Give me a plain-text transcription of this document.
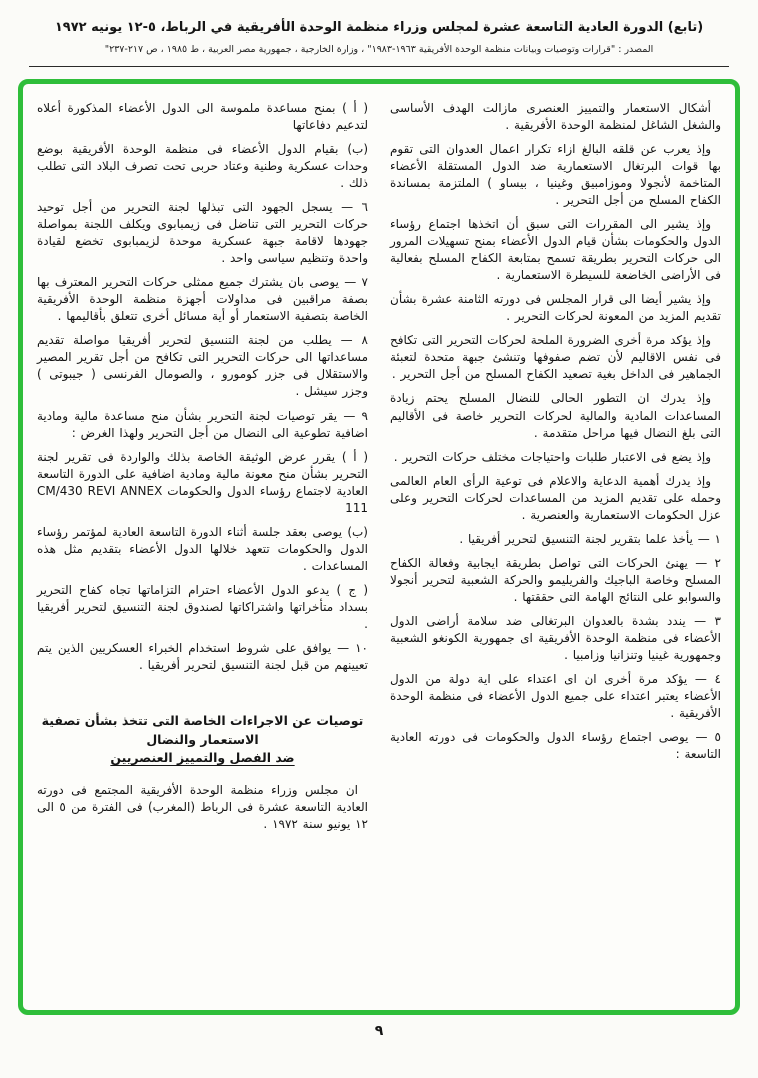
(تابع) الدورة العادية التاسعة عشرة لمجلس وزراء منظمة الوحدة الأفريقية في الرباط، ٥-١٢ يونيه ١٩٧٢
المصدر : "قرارات وتوصيات وبيانات منظمة الوحدة الأفريقية ١٩٦٣-١٩٨٣" ، وزارة الخارجية ، جمهورية مصر العربية ، ط ١٩٨٥ ، ص ٢١٧-٢٣٧"

أشكال الاستعمار والتمييز العنصرى مازالت الهدف الأساسى والشغل الشاغل لمنظمة الوحدة الأفريقية .

وإذ يعرب عن قلقه البالغ ازاء تكرار اعمال العدوان التى تقوم بها قوات البرتغال الاستعمارية ضد الدول المستقلة الأعضاء المتاخمة لأنجولا وموزامبيق وغينيا ، بيساو ) الملتزمة بمساندة الكفاح المسلح من أجل التحرير .

وإذ يشير الى المقررات التى سبق أن اتخذها اجتماع رؤساء الدول والحكومات بشأن قيام الدول الأعضاء بمنح تسهيلات المرور الى حركات التحرير بطريقة تسمح بمتابعة الكفاح المسلح بفعالية فى الأراضى الخاضعة للسيطرة الاستعمارية .

وإذ يشير أيضا الى قرار المجلس فى دورته الثامنة عشرة بشأن تقديم المزيد من المعونة لحركات التحرير .

وإذ يؤكد مرة أخرى الضرورة الملحة لحركات التحرير التى تكافح فى نفس الاقاليم لأن تضم صفوفها وتنشئ جبهة متحدة لتعبئة الجماهير فى الداخل بغية تصعيد الكفاح المسلح من أجل التحرير .

وإذ يدرك ان التطور الحالى للنضال المسلح يحتم زيادة المساعدات المادية والمالية لحركات التحرير خاصة فى الأقاليم التى بلغ النضال فيها مراحل متقدمة .

وإذ يضع فى الاعتبار طلبات واحتياجات مختلف حركات التحرير .

وإذ يدرك أهمية الدعاية والاعلام فى توعية الرأى العام العالمى وحمله على تقديم المزيد من المساعدات لحركات التحرير وعلى عزل الحكومات الاستعمارية والعنصرية .

١ — يأخذ علما بتقرير لجنة التنسيق لتحرير أفريقيا .

٢ — يهنئ الحركات التى تواصل بطريقة ايجابية وفعالة الكفاح المسلح وخاصة الباجيك والفريليمو والحركة الشعبية لتحرير أنجولا والسوابو على النتائج الهامة التى حققتها .

٣ — يندد بشدة بالعدوان البرتغالى ضد سلامة أراضى الدول الأعضاء فى منظمة الوحدة الأفريقية اى جمهورية الكونغو الشعبية وجمهورية غينيا وتنزانيا وزامبيا .

٤ — يؤكد مرة أخرى ان اى اعتداء على اية دولة من الدول الأعضاء يعتبر اعتداء على جميع الدول الأعضاء فى منظمة الوحدة الأفريقية .

٥ — يوصى اجتماع رؤساء الدول والحكومات فى دورته العادية التاسعة :

( أ ) بمنح مساعدة ملموسة الى الدول الأعضاء المذكورة أعلاه لتدعيم دفاعاتها

(ب) بقيام الدول الأعضاء فى منظمة الوحدة الأفريقية بوضع وحدات عسكرية وطنية وعتاد حربى تحت تصرف البلاد التى تطلب ذلك .

٦ — يسجل الجهود التى تبذلها لجنة التحرير من أجل توحيد حركات التحرير التى تناضل فى زيمبابوى ويكلف اللجنة بمواصلة جهودها لاقامة جبهة عسكرية موحدة لزيمبابوى تخضع لقيادة واحدة وتنظيم سياسى واحد .

٧ — يوصى بان يشترك جميع ممثلى حركات التحرير المعترف بها بصفة مراقبين فى مداولات أجهزة منظمة الوحدة الأفريقية الخاصة بتصفية الاستعمار أو أية مسائل أخرى تتعلق بأقاليمها .

٨ — يطلب من لجنة التنسيق لتحرير أفريقيا مواصلة تقديم مساعداتها الى حركات التحرير التى تكافح من أجل تقرير المصير والاستقلال فى جزر كومورو ، والصومال الفرنسى ( جيبوتى ) وجزر سيشل .

٩ — يقر توصيات لجنة التحرير بشأن منح مساعدة مالية ومادية اضافية تطوعية الى النضال من أجل التحرير ولهذا الغرض :

( أ ) يقرر عرض الوثيقة الخاصة بذلك والواردة فى تقرير لجنة التحرير بشأن منح معونة مالية ومادية اضافية على الدورة التاسعة العادية لاجتماع رؤساء الدول والحكومات CM/430 REVI ANNEX 111

(ب) يوصى بعقد جلسة أثناء الدورة التاسعة العادية لمؤتمر رؤساء الدول والحكومات تتعهد خلالها الدول الأعضاء بتقديم مثل هذه المساعدات .

( ج ) يدعو الدول الأعضاء احترام التزاماتها تجاه كفاح التحرير بسداد متأخراتها واشتراكاتها لصندوق لجنة التنسيق لتحرير أفريقيا .

١٠ — يوافق على شروط استخدام الخبراء العسكريين الذين يتم تعيينهم من قبل لجنة التنسيق لتحرير أفريقيا .

توصيات عن الاجراءات الخاصة التى تتخذ بشأن تصفية الاستعمار والنضال
ضد الفصل والتمييز العنصريين

ان مجلس وزراء منظمة الوحدة الأفريقية المجتمع فى دورته العادية التاسعة عشرة فى الرباط (المغرب) فى الفترة من ٥ الى ١٢ يونيو سنة ١٩٧٢ .

٩
